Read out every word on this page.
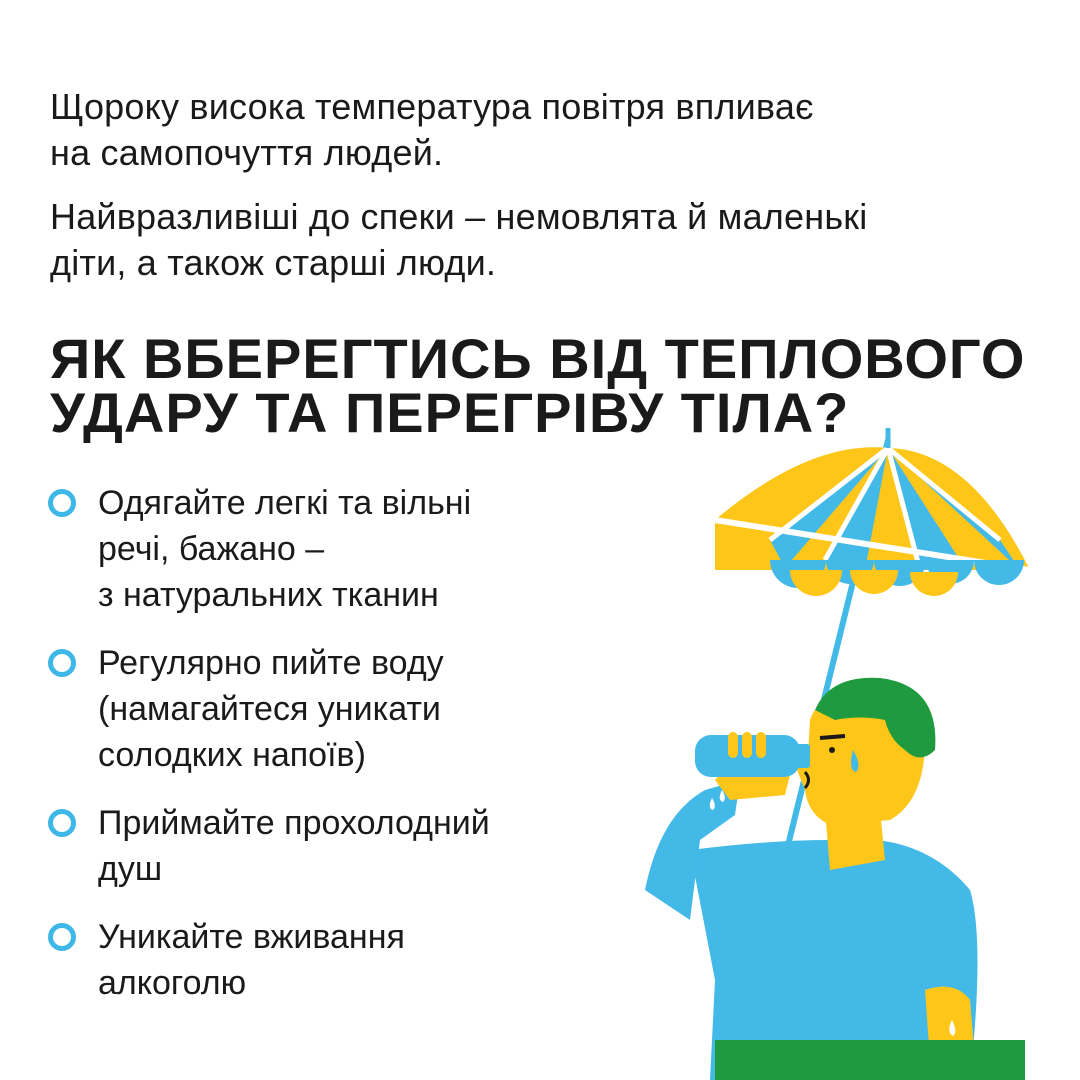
Щороку висока температура повітря впливає
на самопочуття людей.

Найвразливіші до спеки – немовлята й маленькі
діти, а також старші люди.

ЯК ВБЕРЕГТИСЬ ВІД ТЕПЛОВОГО
УДАРУ ТА ПЕРЕГРІВУ ТІЛА?
Одягайте легкі та вільні
речі, бажано –
з натуральних тканин
Регулярно пийте воду
(намагайтеся уникати
солодких напоїв)
Приймайте прохолодний
душ
Уникайте вживання
алкоголю
